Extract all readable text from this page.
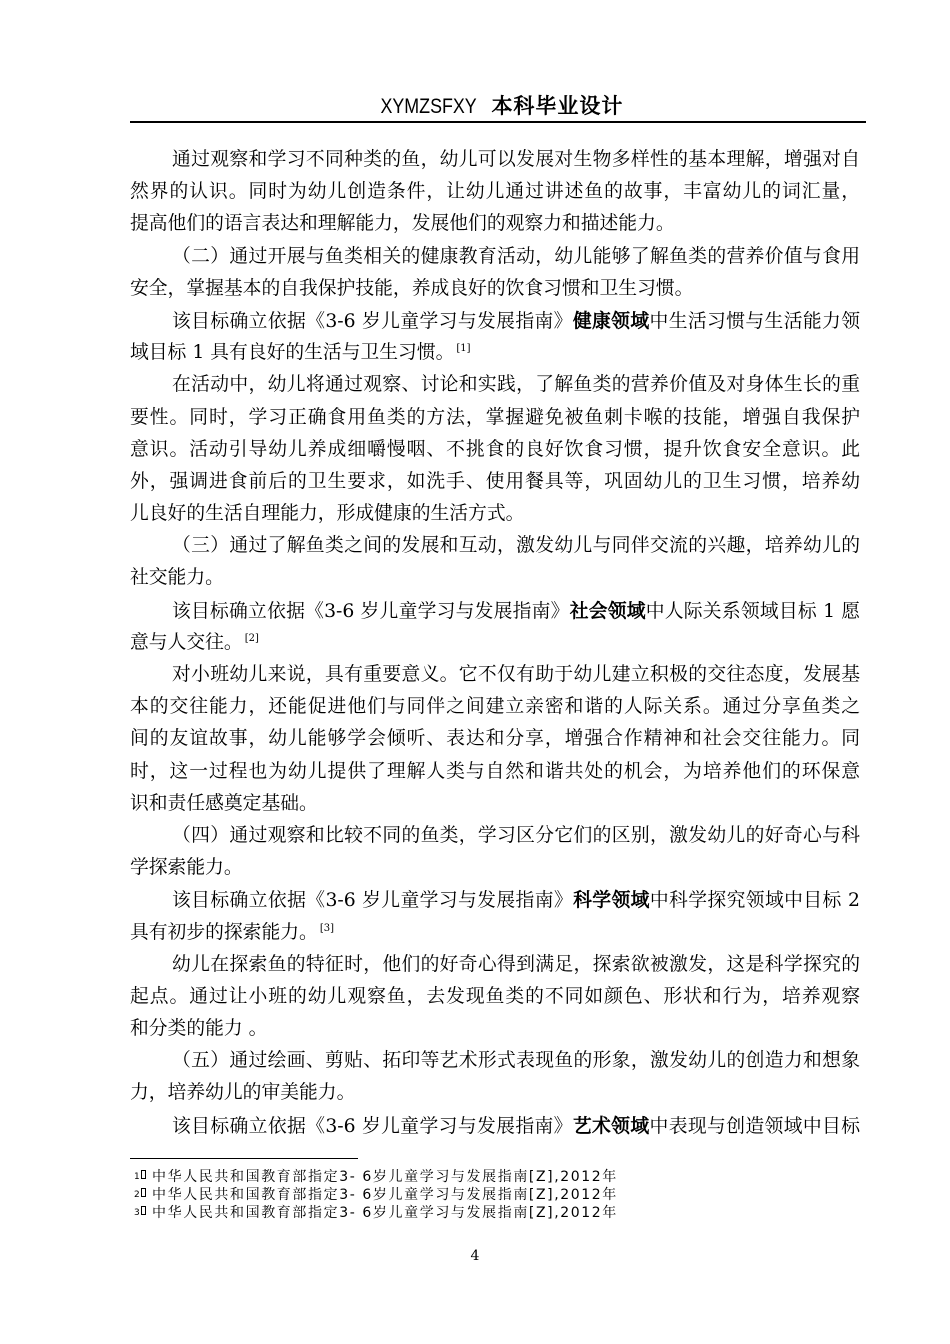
XYMZSFXY 本科毕业设计
通过观察和学习不同种类的鱼，幼儿可以发展对生物多样性的基本理解，增强对自
然界的认识。同时为幼儿创造条件，让幼儿通过讲述鱼的故事，丰富幼儿的词汇量，
提高他们的语言表达和理解能力，发展他们的观察力和描述能力。
（二）通过开展与鱼类相关的健康教育活动，幼儿能够了解鱼类的营养价值与食用
安全，掌握基本的自我保护技能，养成良好的饮食习惯和卫生习惯。
该目标确立依据《3-6 岁儿童学习与发展指南》健康领域中生活习惯与生活能力领
域目标 1 具有良好的生活与卫生习惯。 [1]
在活动中，幼儿将通过观察、讨论和实践，了解鱼类的营养价值及对身体生长的重
要性。同时，学习正确食用鱼类的方法，掌握避免被鱼刺卡喉的技能，增强自我保护
意识。活动引导幼儿养成细嚼慢咽、不挑食的良好饮食习惯，提升饮食安全意识。此
外，强调进食前后的卫生要求，如洗手、使用餐具等，巩固幼儿的卫生习惯，培养幼
儿良好的生活自理能力，形成健康的生活方式。
（三）通过了解鱼类之间的发展和互动，激发幼儿与同伴交流的兴趣，培养幼儿的
社交能力。
该目标确立依据《3-6 岁儿童学习与发展指南》社会领域中人际关系领域目标 1 愿
意与人交往。 [2]
对小班幼儿来说，具有重要意义。它不仅有助于幼儿建立积极的交往态度，发展基
本的交往能力，还能促进他们与同伴之间建立亲密和谐的人际关系。通过分享鱼类之
间的友谊故事，幼儿能够学会倾听、表达和分享，增强合作精神和社会交往能力。同
时，这一过程也为幼儿提供了理解人类与自然和谐共处的机会，为培养他们的环保意
识和责任感奠定基础。
（四）通过观察和比较不同的鱼类，学习区分它们的区别，激发幼儿的好奇心与科
学探索能力。
该目标确立依据《3-6 岁儿童学习与发展指南》科学领域中科学探究领域中目标 2
具有初步的探索能力。 [3]
幼儿在探索鱼的特征时，他们的好奇心得到满足，探索欲被激发，这是科学探究的
起点。通过让小班的幼儿观察鱼，去发现鱼类的不同如颜色、形状和行为，培养观察
和分类的能力 。
（五）通过绘画、剪贴、拓印等艺术形式表现鱼的形象，激发幼儿的创造力和想象
力，培养幼儿的审美能力。
该目标确立依据《3-6 岁儿童学习与发展指南》艺术领域中表现与创造领域中目标
1 中华人民共和国教育部指定3- 6岁儿童学习与发展指南[Z],2012年
2 中华人民共和国教育部指定3- 6岁儿童学习与发展指南[Z],2012年
3 中华人民共和国教育部指定3- 6岁儿童学习与发展指南[Z],2012年
4
